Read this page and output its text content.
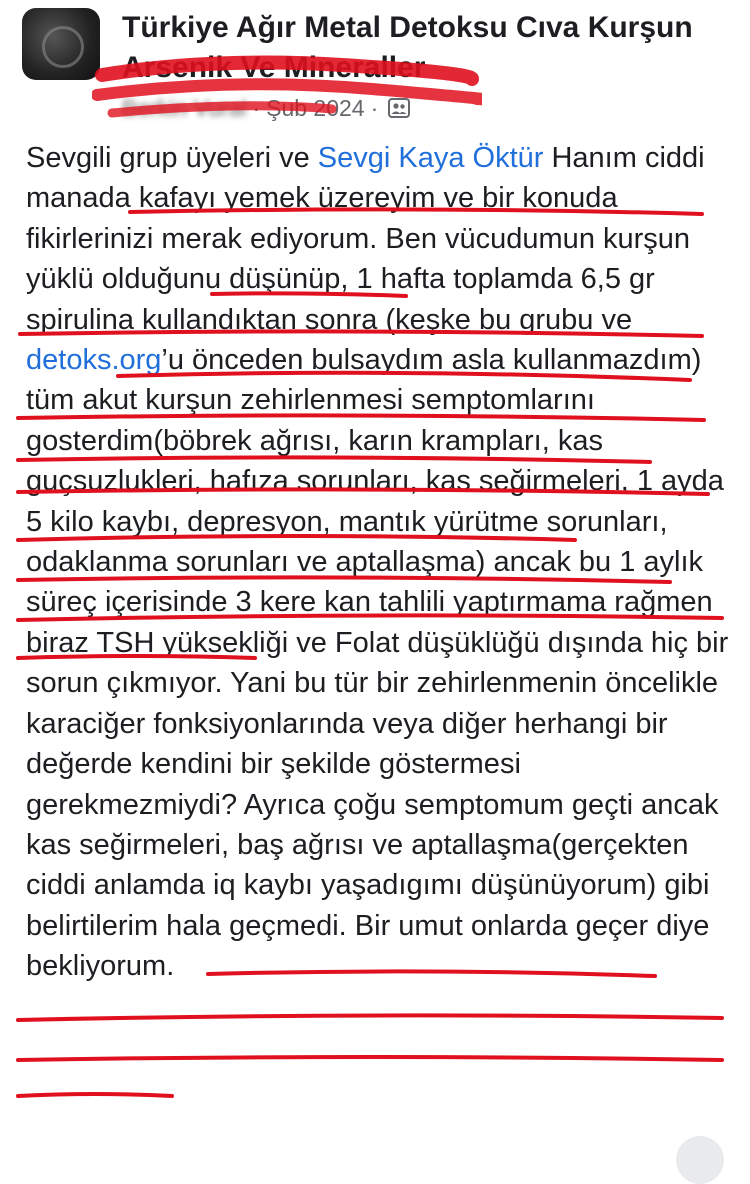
Türkiye Ağır Metal Detoksu Cıva Kurşun Arsenik Ve Mineraller
Berkin Vural · Şub 2024 ·

Sevgili grup üyeleri ve Sevgi Kaya Öktür Hanım ciddi manada kafayı yemek üzereyim ve bir konuda fikirlerinizi merak ediyorum. Ben vücudumun kurşun yüklü olduğunu düşünüp, 1 hafta toplamda 6,5 gr spirulina kullandıktan sonra (keşke bu grubu ve detoks.org’u önceden bulsaydım asla kullanmazdım) tüm akut kurşun zehirlenmesi semptomlarını gosterdim(böbrek ağrısı, karın krampları, kas guçsuzlukleri, hafıza sorunları, kas seğirmeleri, 1 ayda 5 kilo kaybı, depresyon, mantık yürütme sorunları, odaklanma sorunları ve aptallaşma) ancak bu 1 aylık süreç içerisinde 3 kere kan tahlili yaptırmama rağmen biraz TSH yüksekliği ve Folat düşüklüğü dışında hiç bir sorun çıkmıyor. Yani bu tür bir zehirlenmenin öncelikle karaciğer fonksiyonlarında veya diğer herhangi bir değerde kendini bir şekilde göstermesi gerekmezmiydi? Ayrıca çoğu semptomum geçti ancak kas seğirmeleri, baş ağrısı ve aptallaşma(gerçekten ciddi anlamda iq kaybı yaşadıgımı düşünüyorum) gibi belirtilerim hala geçmedi. Bir umut onlarda geçer diye bekliyorum.
